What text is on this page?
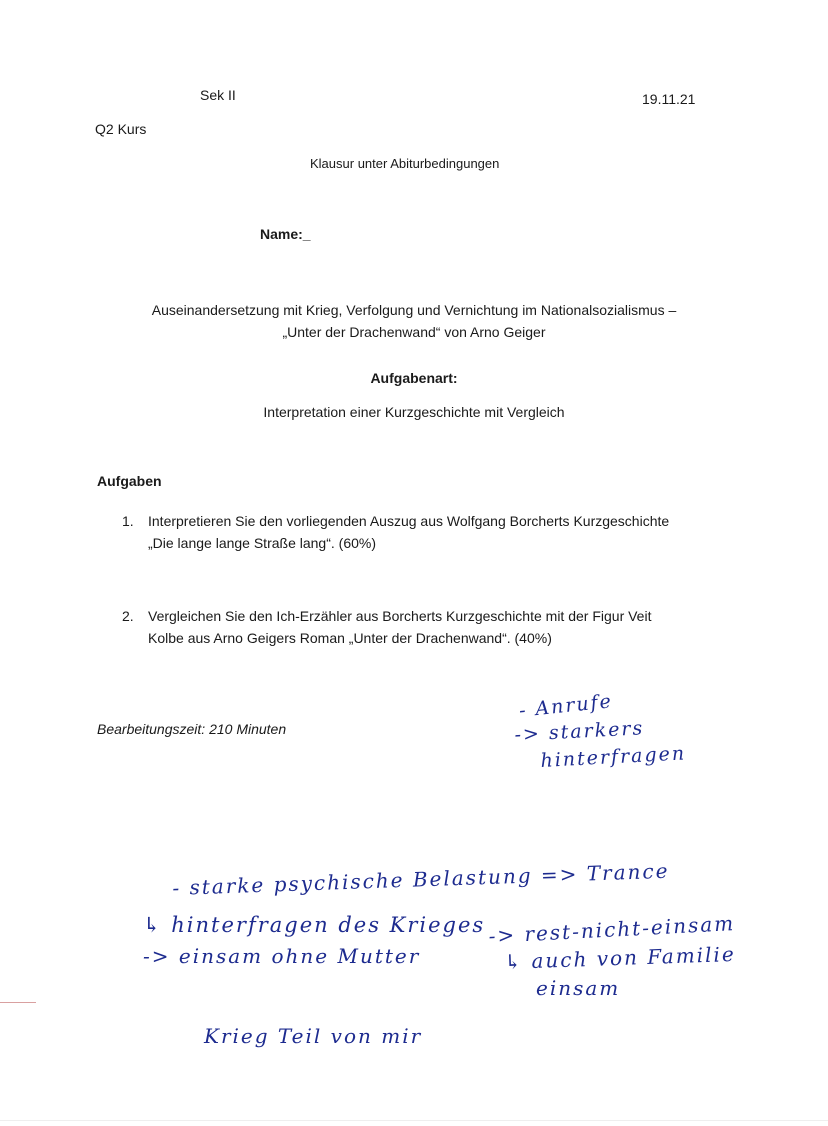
Sek II	19.11.21
Q2 Kurs
Klausur unter Abiturbedingungen
Name:_
Auseinandersetzung mit Krieg, Verfolgung und Vernichtung im Nationalsozialismus –
„Unter der Drachenwand“ von Arno Geiger
Aufgabenart:
Interpretation einer Kurzgeschichte mit Vergleich
Aufgaben
1. Interpretieren Sie den vorliegenden Auszug aus Wolfgang Borcherts Kurzgeschichte
„Die lange lange Straße lang“. (60%)
2. Vergleichen Sie den Ich-Erzähler aus Borcherts Kurzgeschichte mit der Figur Veit
Kolbe aus Arno Geigers Roman „Unter der Drachenwand“. (40%)
Bearbeitungszeit: 210 Minuten
- Anrufe
-> starkers
hinterfragen
- starke psychische Belastung => Trance
↳ hinterfragen des Krieges
-> einsam ohne Mutter
-> rest-nicht-einsam
↳ auch von Familie
einsam
Krieg Teil von mir
